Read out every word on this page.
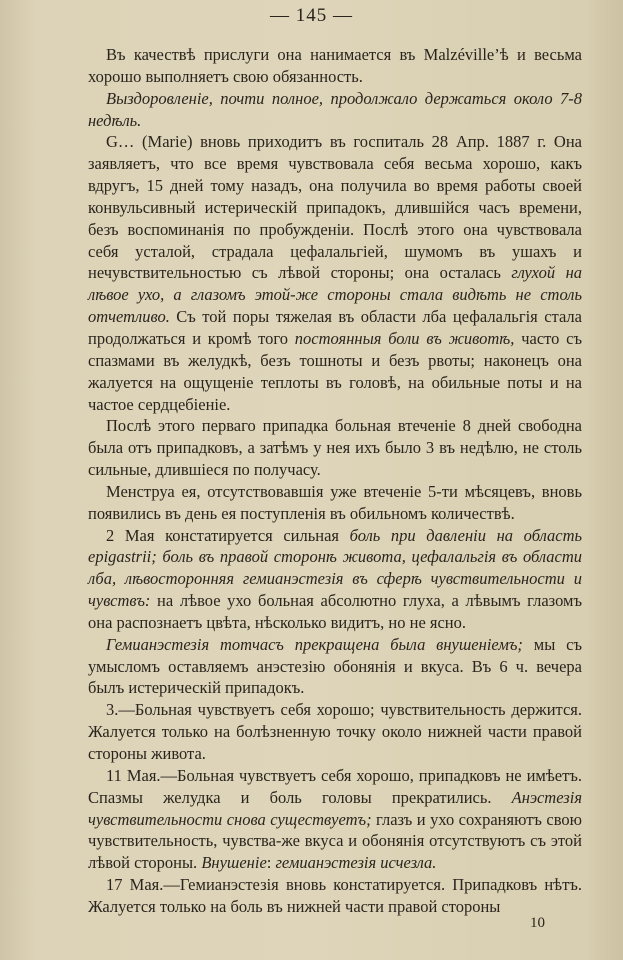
— 145 —

Въ качествѣ прислуги она нанимается въ Malzéville’ѣ и весьма хорошо выполняетъ свою обязанность.

Выздоровленіе, почти полное, продолжало держаться около 7-8 недѣль.

G… (Marie) вновь приходитъ въ госпиталь 28 Апр. 1887 г. Она заявляетъ, что все время чувствовала себя весьма хорошо, какъ вдругъ, 15 дней тому назадъ, она получила во время работы своей конвульсивный истерическій припадокъ, длившійся часъ времени, безъ воспоминанія по пробужденіи. Послѣ этого она чувствовала себя усталой, страдала цефалальгіей, шумомъ въ ушахъ и нечувствительностью съ лѣвой стороны; она осталась глухой на лѣвое ухо, а глазомъ этой-же стороны стала видѣть не столь отчетливо. Съ той поры тяжелая въ области лба цефалальгія стала продолжаться и кромѣ того постоянныя боли въ животѣ, часто съ спазмами въ желудкѣ, безъ тошноты и безъ рвоты; наконецъ она жалуется на ощущеніе теплоты въ головѣ, на обильные поты и на частое сердцебіеніе.

Послѣ этого перваго припадка больная втеченіе 8 дней свободна была отъ припадковъ, а затѣмъ у нея ихъ было 3 въ недѣлю, не столь сильные, длившіеся по получасу.

Менструа ея, отсутствовавшія уже втеченіе 5-ти мѣсяцевъ, вновь появились въ день ея поступленія въ обильномъ количествѣ.

2 Мая констатируется сильная боль при давленіи на область epigastrii; боль въ правой сторонѣ живота, цефалальгія въ области лба, лѣвосторонняя гемианэстезія въ сферѣ чувствительности и чувствъ: на лѣвое ухо больная абсолютно глуха, а лѣвымъ глазомъ она распознаетъ цвѣта, нѣсколько видитъ, но не ясно.

Гемианэстезія тотчасъ прекращена была внушеніемъ; мы съ умысломъ оставляемъ анэстезію обонянія и вкуса. Въ 6 ч. вечера былъ истерическій припадокъ.

3.—Больная чувствуетъ себя хорошо; чувствительность держится. Жалуется только на болѣзненную точку около нижней части правой стороны живота.

11 Мая.—Больная чувствуетъ себя хорошо, припадковъ не имѣетъ. Спазмы желудка и боль головы прекратились. Анэстезія чувствительности снова существуетъ; глазъ и ухо сохраняютъ свою чувствительность, чувства-же вкуса и обонянія отсутствуютъ съ этой лѣвой стороны. Внушеніе: гемианэстезія исчезла.

17 Мая.—Гемианэстезія вновь констатируется. Припадковъ нѣтъ. Жалуется только на боль въ нижней части правой стороны

10
